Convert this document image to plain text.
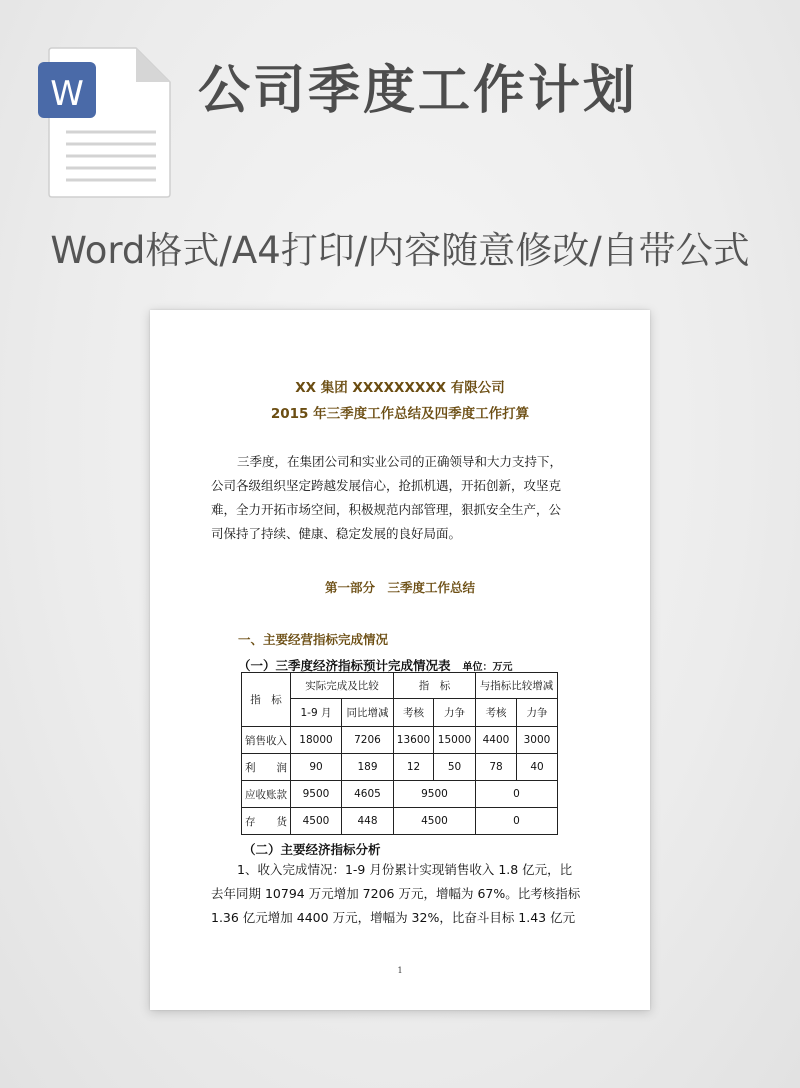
W 公司季度工作计划
Word格式/A4打印/内容随意修改/自带公式
XX 集团 XXXXXXXXX 有限公司
2015 年三季度工作总结及四季度工作打算
三季度，在集团公司和实业公司的正确领导和大力支持下，
公司各级组织坚定跨越发展信心，抢抓机遇，开拓创新，攻坚克
难，全力开拓市场空间，积极规范内部管理，狠抓安全生产，公
司保持了持续、健康、稳定发展的良好局面。
第一部分　三季度工作总结
一、主要经营指标完成情况
（一）三季度经济指标预计完成情况表 单位：万元
指　标	实际完成及比较		指　标		与指标比较增减	
	1-9 月	同比增减	考核	力争	考核	力争
销售收入	18000	7206	13600	15000	4400	3000
利　　润	90	189	12	50	78	40
应收账款	9500	4605	9500		0	
存　　货	4500	448	4500		0	
（二）主要经济指标分析
1、收入完成情况：1-9 月份累计实现销售收入 1.8 亿元，比
去年同期 10794 万元增加 7206 万元，增幅为 67%。比考核指标
1.36 亿元增加 4400 万元，增幅为 32%，比奋斗目标 1.43 亿元
1
